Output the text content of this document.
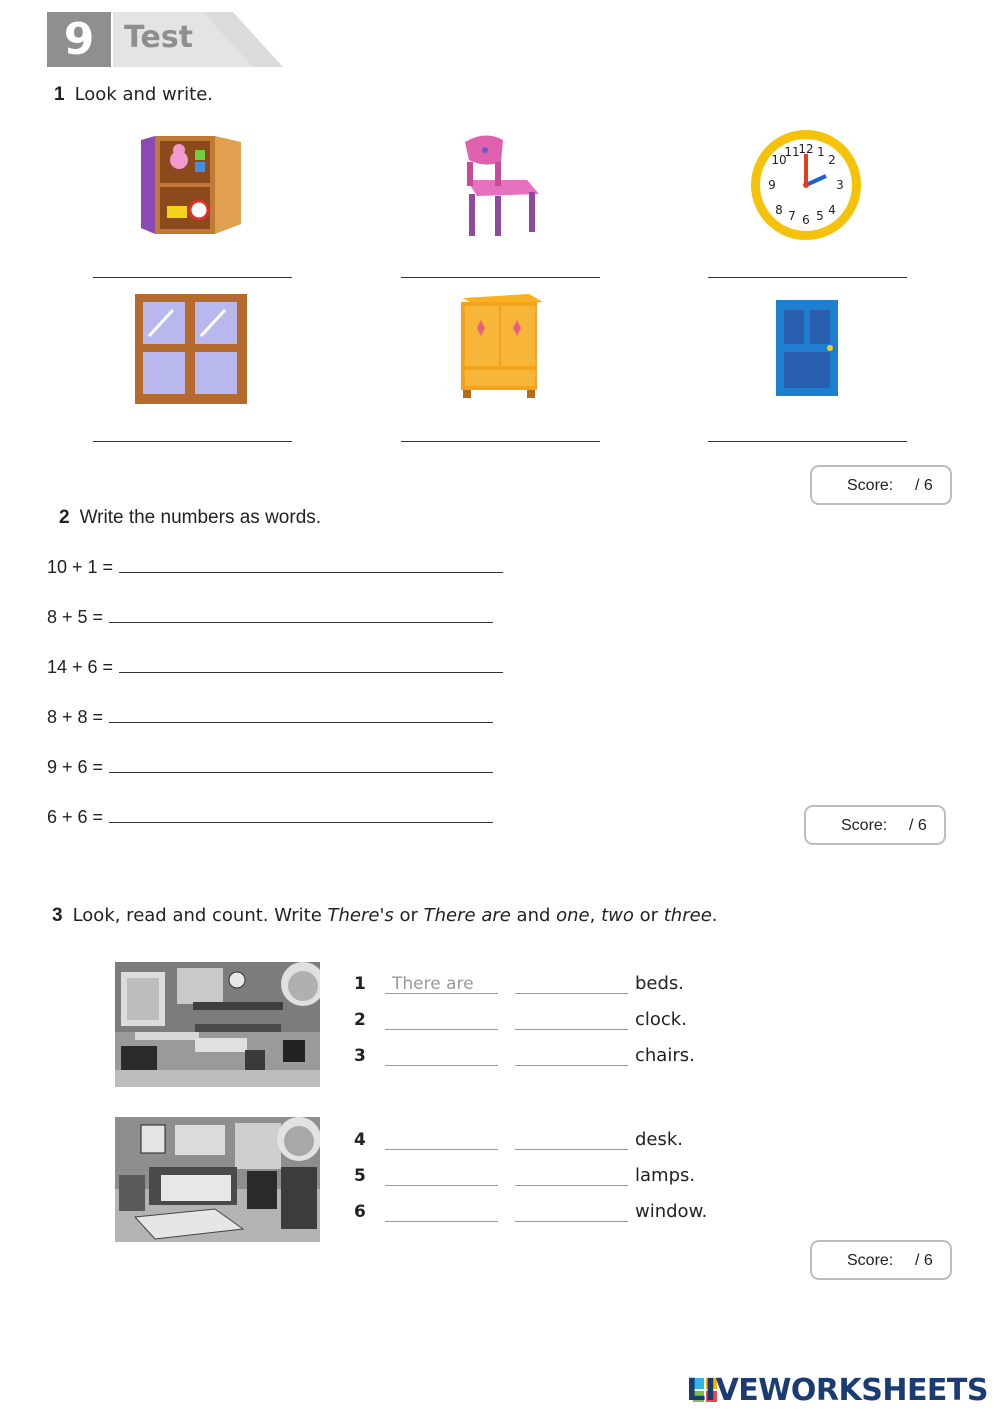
9 Test
1 Look and write.
12
2
3
4
6
8
9
10
11 1
5
7
Score: / 6
2 Write the numbers as words.
10 + 1 =
8 + 5 =
14 + 6 =
8 + 8 =
9 + 6 =
6 + 6 =	Score: / 6
3 Look, read and count. Write There's or There are and one, two or three.
1 There are	beds.
2	clock.
3	chairs.
4	desk.
5	lamps.
6	window.
Score: / 6
LIVEWORKSHEETS
